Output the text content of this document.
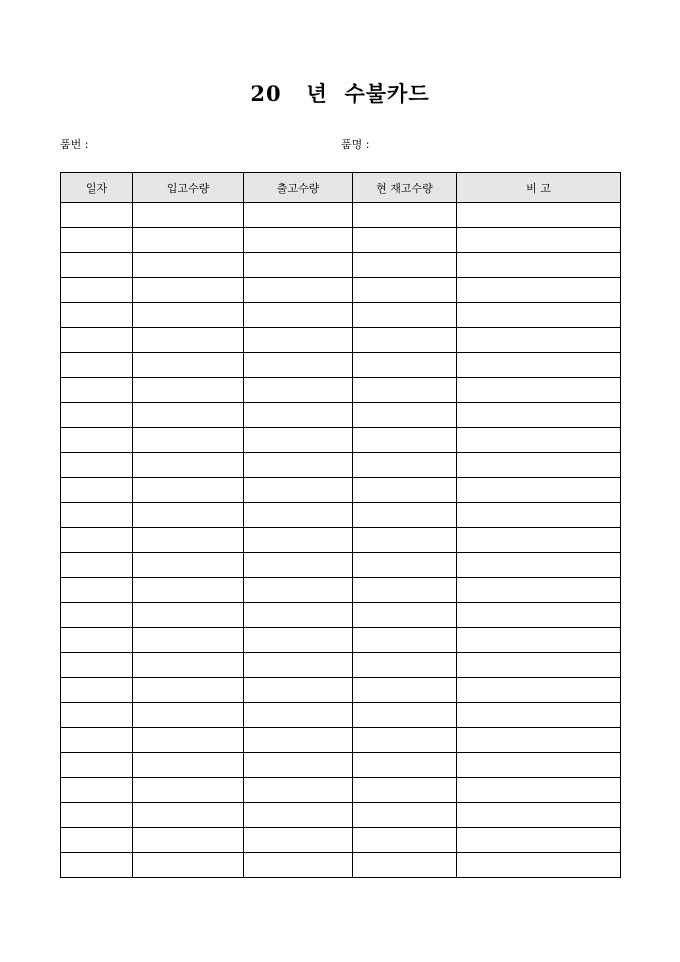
20   년  수불카드
품번 :	품명 :
일자	입고수량	출고수량	현 재고수량	비 고
